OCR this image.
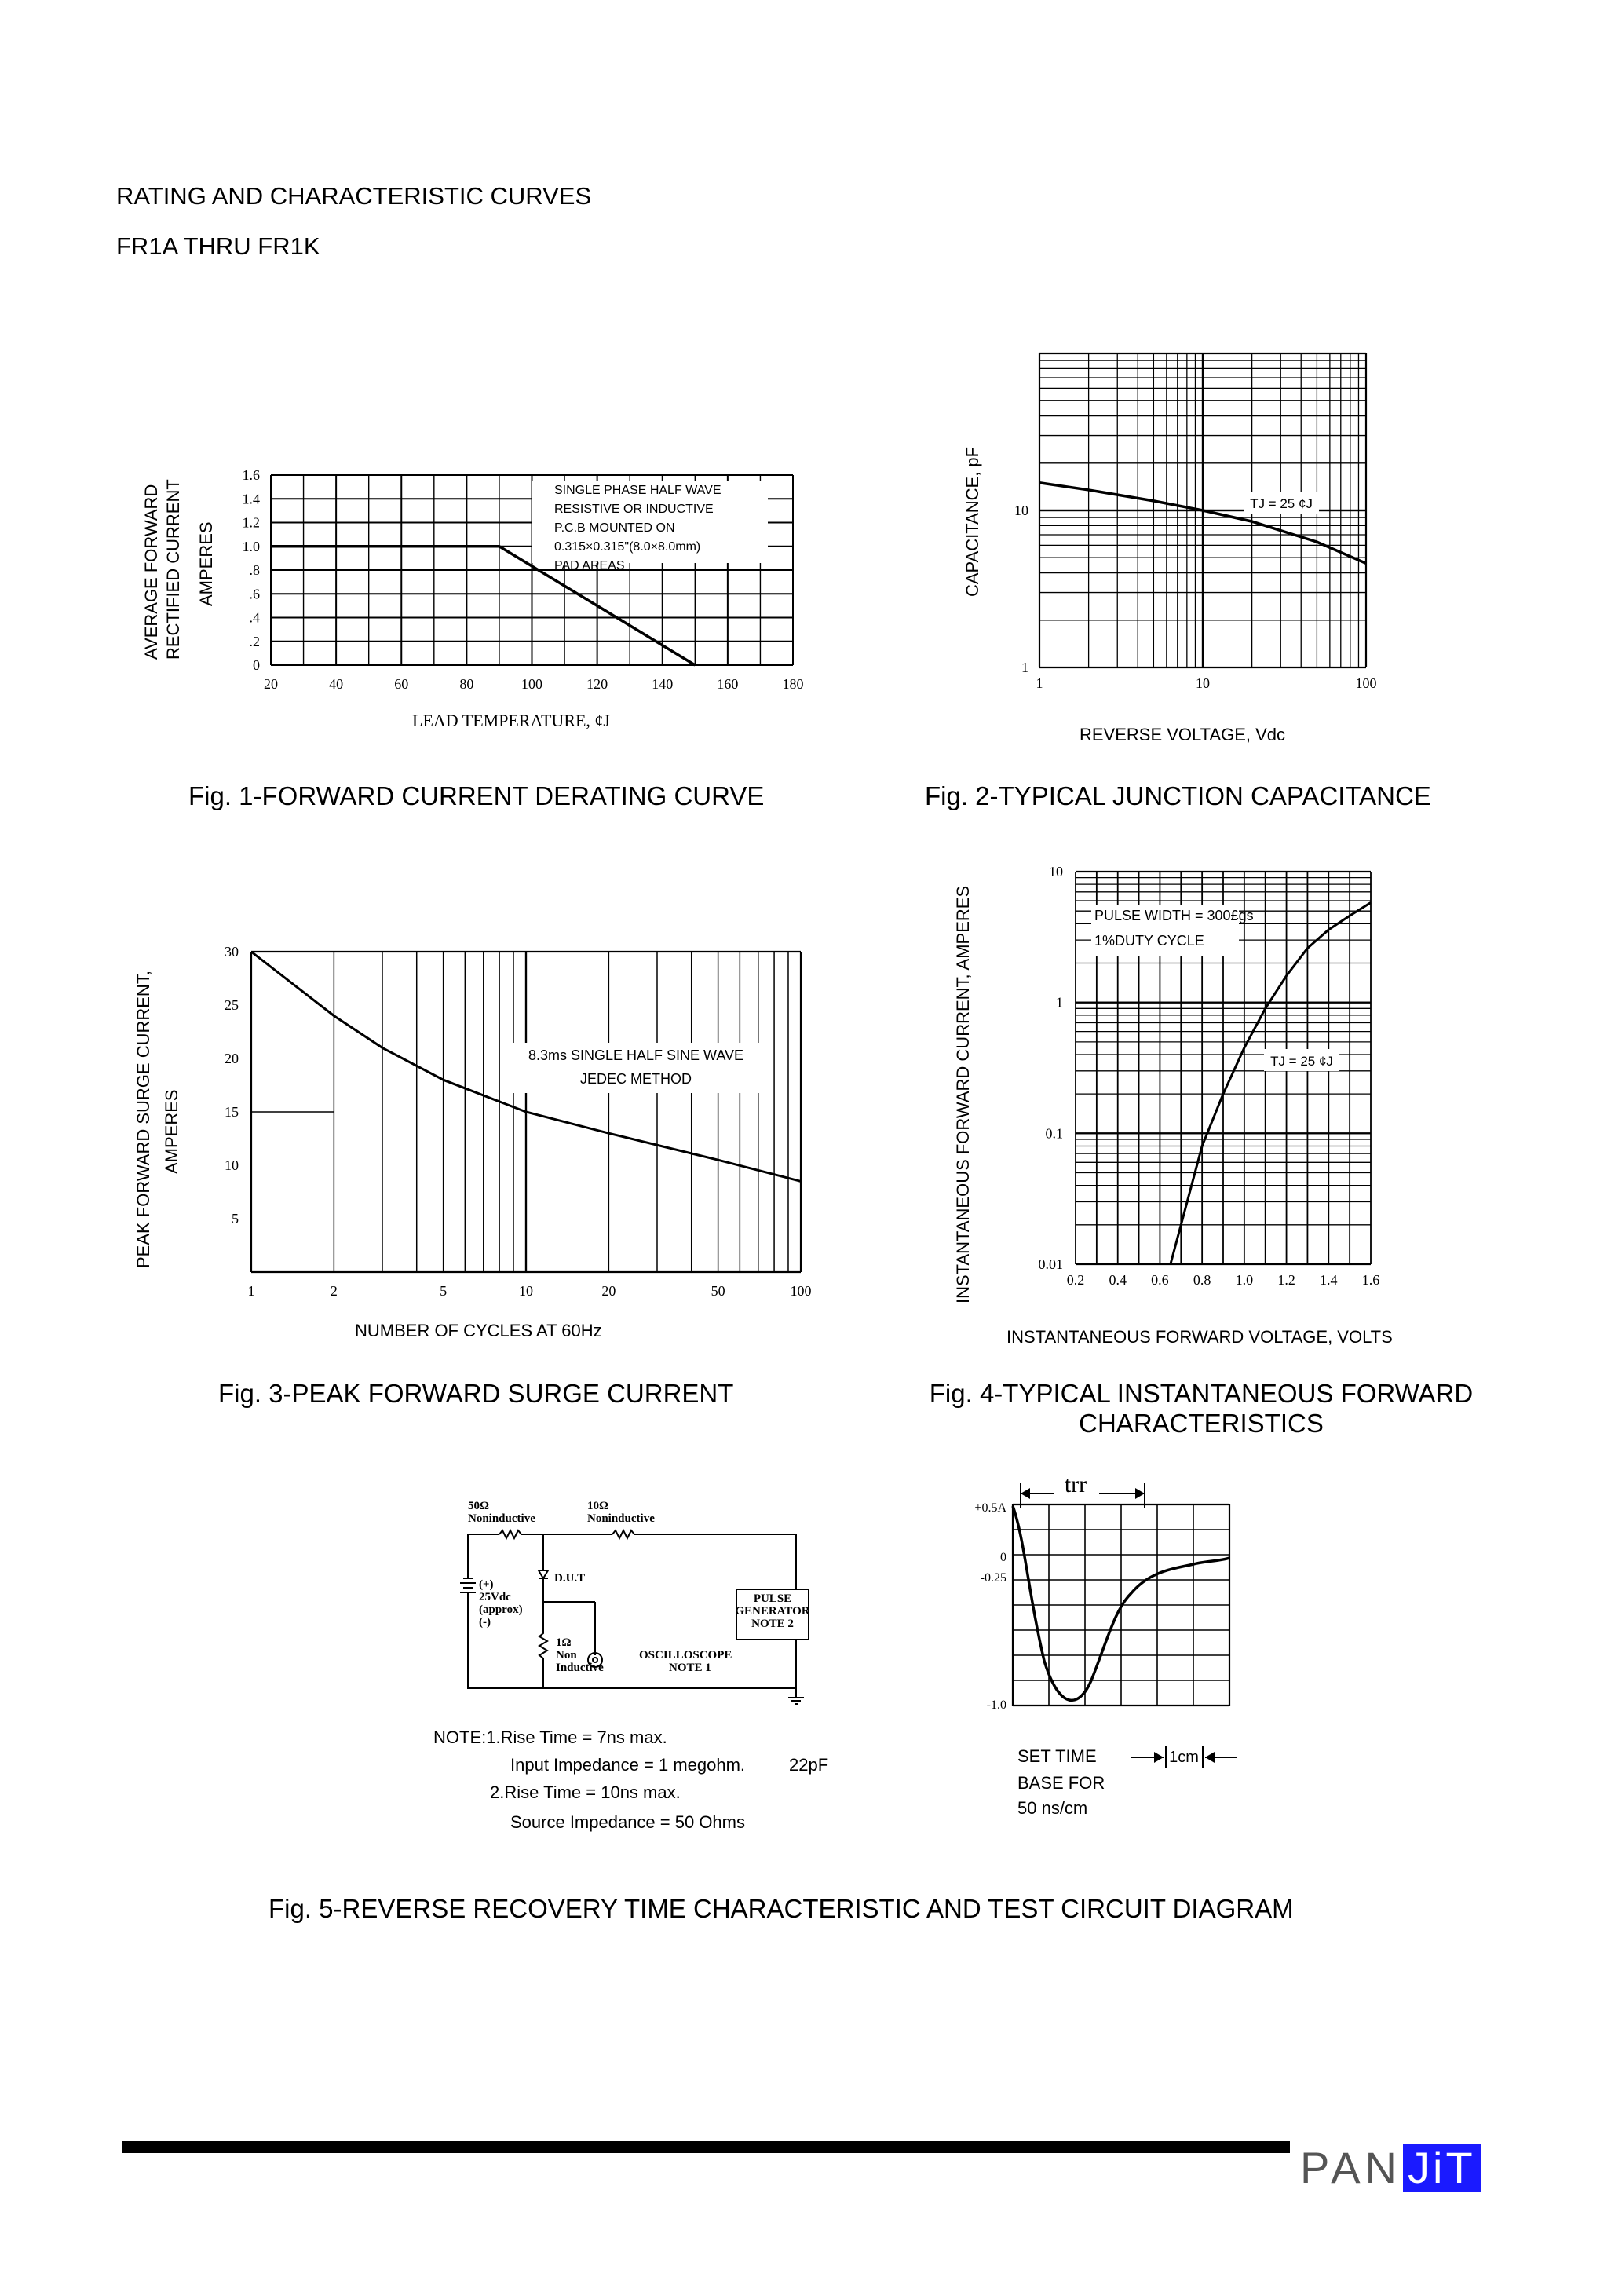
RATING AND CHARACTERISTIC CURVES
FR1A THRU FR1K
AVERAGE FORWARD RECTIFIED CURRENT AMPERES
LEAD TEMPERATURE, ¢J
20	40	60	80	100	120	140	160	180
0
.2
.4
.6
.8
1.0
1.2
1.4
1.6
SINGLE PHASE HALF WAVE
RESISTIVE OR INDUCTIVE
P.C.B MOUNTED ON
0.315×0.315"(8.0×8.0mm)
PAD AREAS
Fig. 1-FORWARD CURRENT DERATING CURVE
CAPACITANCE, pF
REVERSE VOLTAGE, Vdc
1	10	100
1
10	TJ = 25 ¢J
Fig. 2-TYPICAL JUNCTION CAPACITANCE
PEAK FORWARD SURGE CURRENT, AMPERES
NUMBER OF CYCLES AT 60Hz
1	2	5	10	20	50	100
5
10
15
20
25
30
8.3ms SINGLE HALF SINE WAVE
JEDEC METHOD
Fig. 3-PEAK FORWARD SURGE CURRENT
INSTANTANEOUS FORWARD CURRENT, AMPERES
INSTANTANEOUS FORWARD VOLTAGE, VOLTS
0.2 0.4 0.6 0.8 1.0 1.2 1.4 1.6
0.01
0.1
1
10
PULSE WIDTH = 300£gs
1%DUTY CYCLE
TJ = 25 ¢J
Fig. 4-TYPICAL INSTANTANEOUS FORWARD
CHARACTERISTICS
50Ω
Noninductive
10Ω
Noninductive
(+)
25Vdc
(approx)
(-)
D.U.T
1Ω
Non
Inductive
OSCILLOSCOPE
NOTE 1
PULSE
GENERATOR
NOTE 2
NOTE:1.Rise Time = 7ns max.
Input Impedance = 1 megohm.	22pF
2.Rise Time = 10ns max.
Source Impedance = 50 Ohms
+0.5A
0
-0.25
-1.0
trr
SET TIME
BASE FOR
50 ns/cm
1cm
Fig. 5-REVERSE RECOVERY TIME CHARACTERISTIC AND TEST CIRCUIT DIAGRAM
PAN JiT
